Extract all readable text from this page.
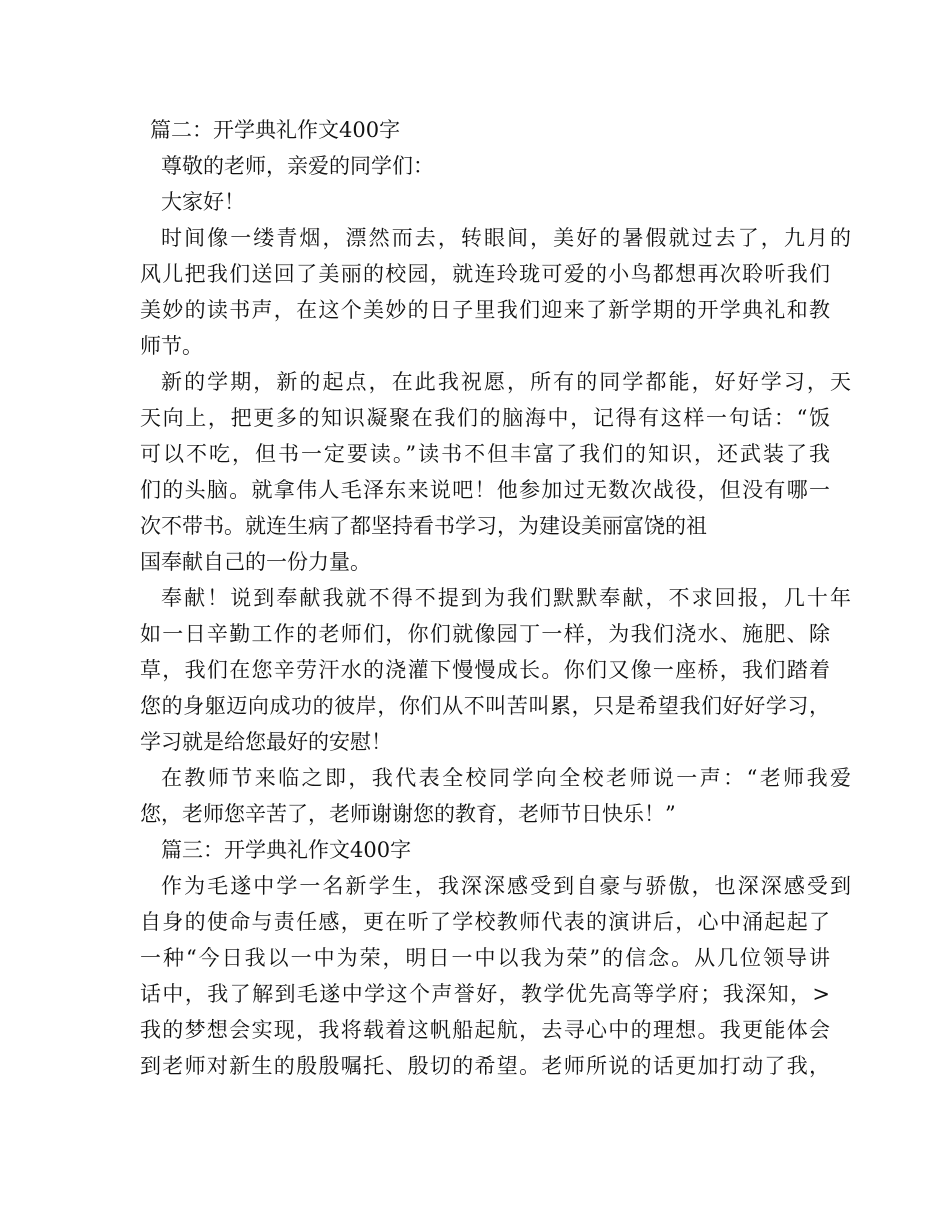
篇二：开学典礼作文400字
尊敬的老师，亲爱的同学们：
大家好！
时间像一缕青烟，漂然而去，转眼间，美好的暑假就过去了，九月的
风儿把我们送回了美丽的校园，就连玲珑可爱的小鸟都想再次聆听我们
美妙的读书声，在这个美妙的日子里我们迎来了新学期的开学典礼和教
师节。
新的学期，新的起点，在此我祝愿，所有的同学都能，好好学习，天
天向上，把更多的知识凝聚在我们的脑海中，记得有这样一句话：“饭
可以不吃，但书一定要读。”读书不但丰富了我们的知识，还武装了我
们的头脑。就拿伟人毛泽东来说吧！他参加过无数次战役，但没有哪一
次不带书。就连生病了都坚持看书学习，为建设美丽富饶的祖
国奉献自己的一份力量。
奉献！说到奉献我就不得不提到为我们默默奉献，不求回报，几十年
如一日辛勤工作的老师们，你们就像园丁一样，为我们浇水、施肥、除
草，我们在您辛劳汗水的浇灌下慢慢成长。你们又像一座桥，我们踏着
您的身躯迈向成功的彼岸，你们从不叫苦叫累，只是希望我们好好学习，
学习就是给您最好的安慰！
在教师节来临之即，我代表全校同学向全校老师说一声：“老师我爱
您，老师您辛苦了，老师谢谢您的教育，老师节日快乐！”
篇三：开学典礼作文400字
作为毛遂中学一名新学生，我深深感受到自豪与骄傲，也深深感受到
自身的使命与责任感，更在听了学校教师代表的演讲后，心中涌起起了
一种“今日我以一中为荣，明日一中以我为荣”的信念。从几位领导讲
话中，我了解到毛遂中学这个声誉好，教学优先高等学府；我深知，>
我的梦想会实现，我将载着这帆船起航，去寻心中的理想。我更能体会
到老师对新生的殷殷嘱托、殷切的希望。老师所说的话更加打动了我，
